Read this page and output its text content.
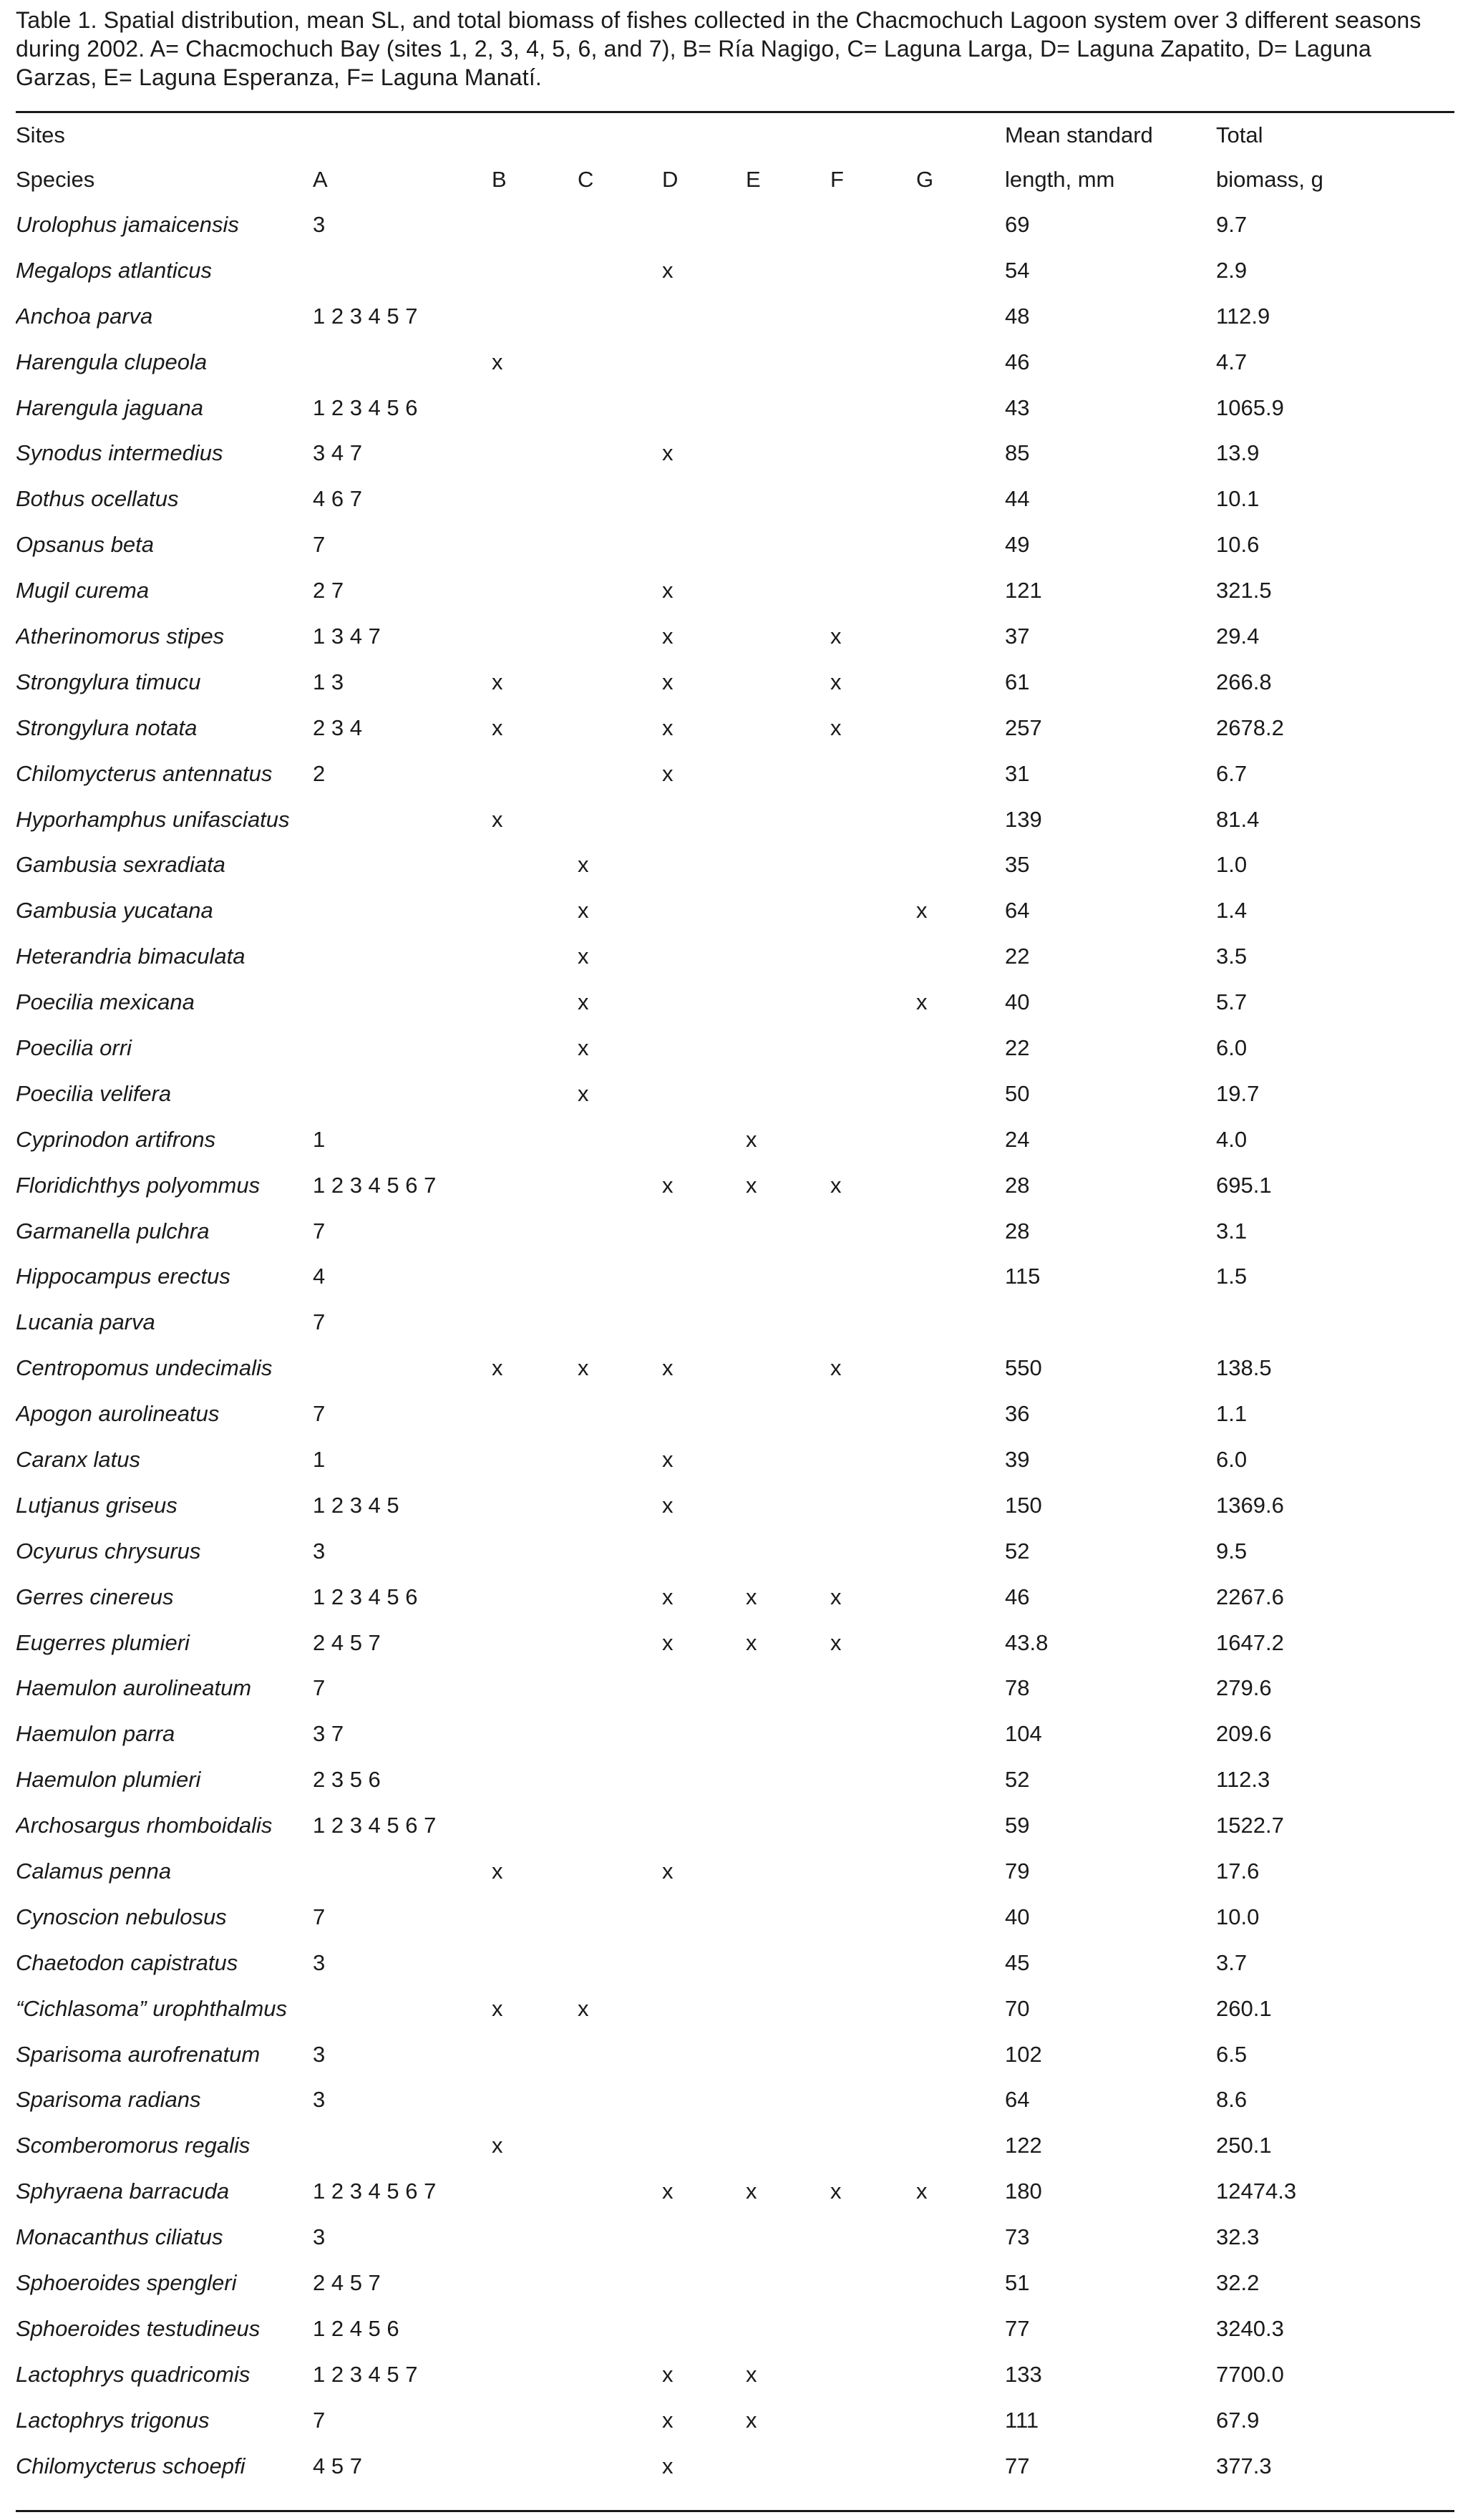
Table 1. Spatial distribution, mean SL, and total biomass of fishes collected in the Chacmochuch Lagoon system over 3 different seasons during 2002. A= Chacmochuch Bay (sites 1, 2, 3, 4, 5, 6, and 7), B= Ría Nagigo, C= Laguna Larga, D= Laguna Zapatito, D= Laguna Garzas, E= Laguna Esperanza, F= Laguna Manatí.
Sites								Mean standard	Total
Species	A	B	C	D	E	F	G	length, mm	biomass, g
Urolophus jamaicensis	3							69	9.7
Megalops atlanticus				x				54	2.9
Anchoa parva	1 2 3 4 5 7							48	112.9
Harengula clupeola		x						46	4.7
Harengula jaguana	1 2 3 4 5 6							43	1065.9
Synodus intermedius	3 4 7			x				85	13.9
Bothus ocellatus	4 6 7							44	10.1
Opsanus beta	7							49	10.6
Mugil curema	2 7			x				121	321.5
Atherinomorus stipes	1 3 4 7			x		x		37	29.4
Strongylura timucu	1 3	x		x		x		61	266.8
Strongylura notata	2 3 4	x		x		x		257	2678.2
Chilomycterus antennatus	2			x				31	6.7
Hyporhamphus unifasciatus		x						139	81.4
Gambusia sexradiata			x					35	1.0
Gambusia yucatana			x				x	64	1.4
Heterandria bimaculata			x					22	3.5
Poecilia mexicana			x				x	40	5.7
Poecilia orri			x					22	6.0
Poecilia velifera			x					50	19.7
Cyprinodon artifrons	1				x			24	4.0
Floridichthys polyommus	1 2 3 4 5 6 7			x	x	x		28	695.1
Garmanella pulchra	7							28	3.1
Hippocampus erectus	4							115	1.5
Lucania parva	7								
Centropomus undecimalis		x	x	x		x		550	138.5
Apogon aurolineatus	7							36	1.1
Caranx latus	1			x				39	6.0
Lutjanus griseus	1 2 3 4 5			x				150	1369.6
Ocyurus chrysurus	3							52	9.5
Gerres cinereus	1 2 3 4 5 6			x	x	x		46	2267.6
Eugerres plumieri	2 4 5 7			x	x	x		43.8	1647.2
Haemulon aurolineatum	7							78	279.6
Haemulon parra	3 7							104	209.6
Haemulon plumieri	2 3 5 6							52	112.3
Archosargus rhomboidalis	1 2 3 4 5 6 7							59	1522.7
Calamus penna		x		x				79	17.6
Cynoscion nebulosus	7							40	10.0
Chaetodon capistratus	3							45	3.7
“Cichlasoma” urophthalmus		x	x					70	260.1
Sparisoma aurofrenatum	3							102	6.5
Sparisoma radians	3							64	8.6
Scomberomorus regalis		x						122	250.1
Sphyraena barracuda	1 2 3 4 5 6 7			x	x	x	x	180	12474.3
Monacanthus ciliatus	3							73	32.3
Sphoeroides spengleri	2 4 5 7							51	32.2
Sphoeroides testudineus	1 2 4 5 6							77	3240.3
Lactophrys quadricomis	1 2 3 4 5 7			x	x			133	7700.0
Lactophrys trigonus	7			x	x			111	67.9
Chilomycterus schoepfi	4 5 7			x				77	377.3
